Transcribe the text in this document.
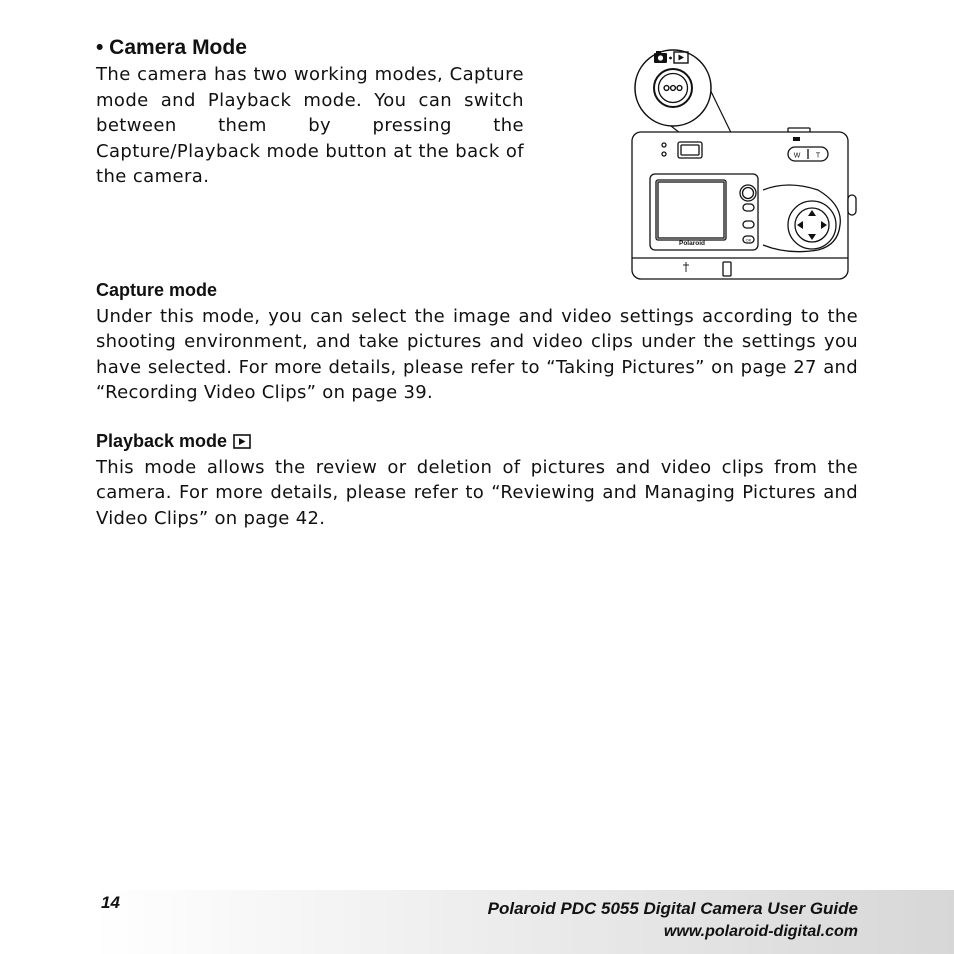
• Camera Mode

The camera has two working modes, Capture mode and Playback mode. You can switch between them by pressing the Capture/Playback mode button at the back of the camera.

W T
Polaroid	OK
Capture mode

Under this mode, you can select the image and video settings according to the shooting environment, and take pictures and video clips under the settings you have selected. For more details, please refer to “Taking Pictures” on page 27 and “Recording Video Clips” on page 39.

Playback mode

This mode allows the review or deletion of pictures and video clips from the camera. For more details, please refer to “Reviewing and Managing Pictures and Video Clips” on page 42.

14	Polaroid PDC 5055 Digital Camera User Guide
www.polaroid-digital.com
